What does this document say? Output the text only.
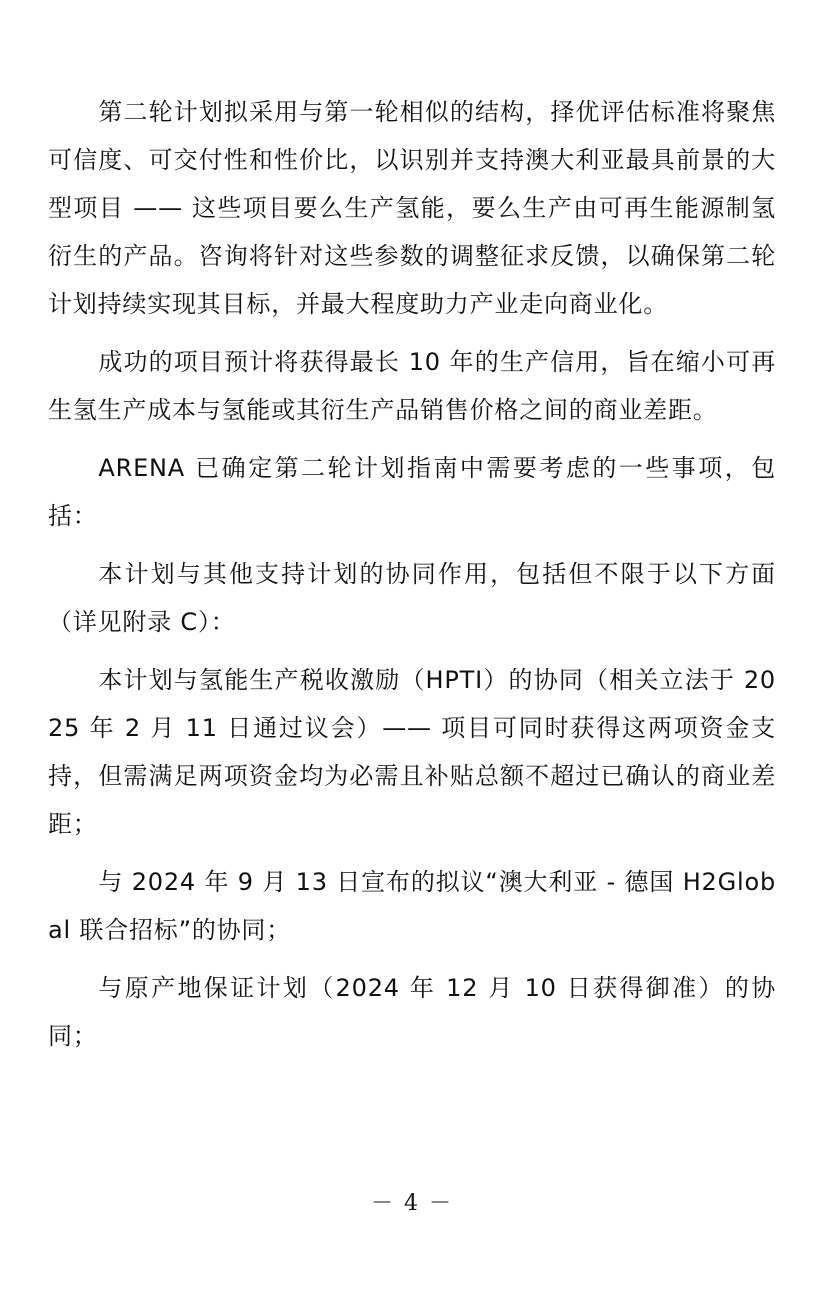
第二轮计划拟采用与第一轮相似的结构，择优评估标准将聚焦可信度、可交付性和性价比，以识别并支持澳大利亚最具前景的大型项目 —— 这些项目要么生产氢能，要么生产由可再生能源制氢衍生的产品。咨询将针对这些参数的调整征求反馈，以确保第二轮计划持续实现其目标，并最大程度助力产业走向商业化。

成功的项目预计将获得最长 10 年的生产信用，旨在缩小可再生氢生产成本与氢能或其衍生产品销售价格之间的商业差距。

ARENA 已确定第二轮计划指南中需要考虑的一些事项，包括：

本计划与其他支持计划的协同作用，包括但不限于以下方面（详见附录 C）：

本计划与氢能生产税收激励（HPTI）的协同（相关立法于 2025 年 2 月 11 日通过议会）—— 项目可同时获得这两项资金支持，但需满足两项资金均为必需且补贴总额不超过已确认的商业差距；

与 2024 年 9 月 13 日宣布的拟议“澳大利亚 - 德国 H2Global 联合招标”的协同；

与原产地保证计划（2024 年 12 月 10 日获得御准）的协同；

－ 4 －
